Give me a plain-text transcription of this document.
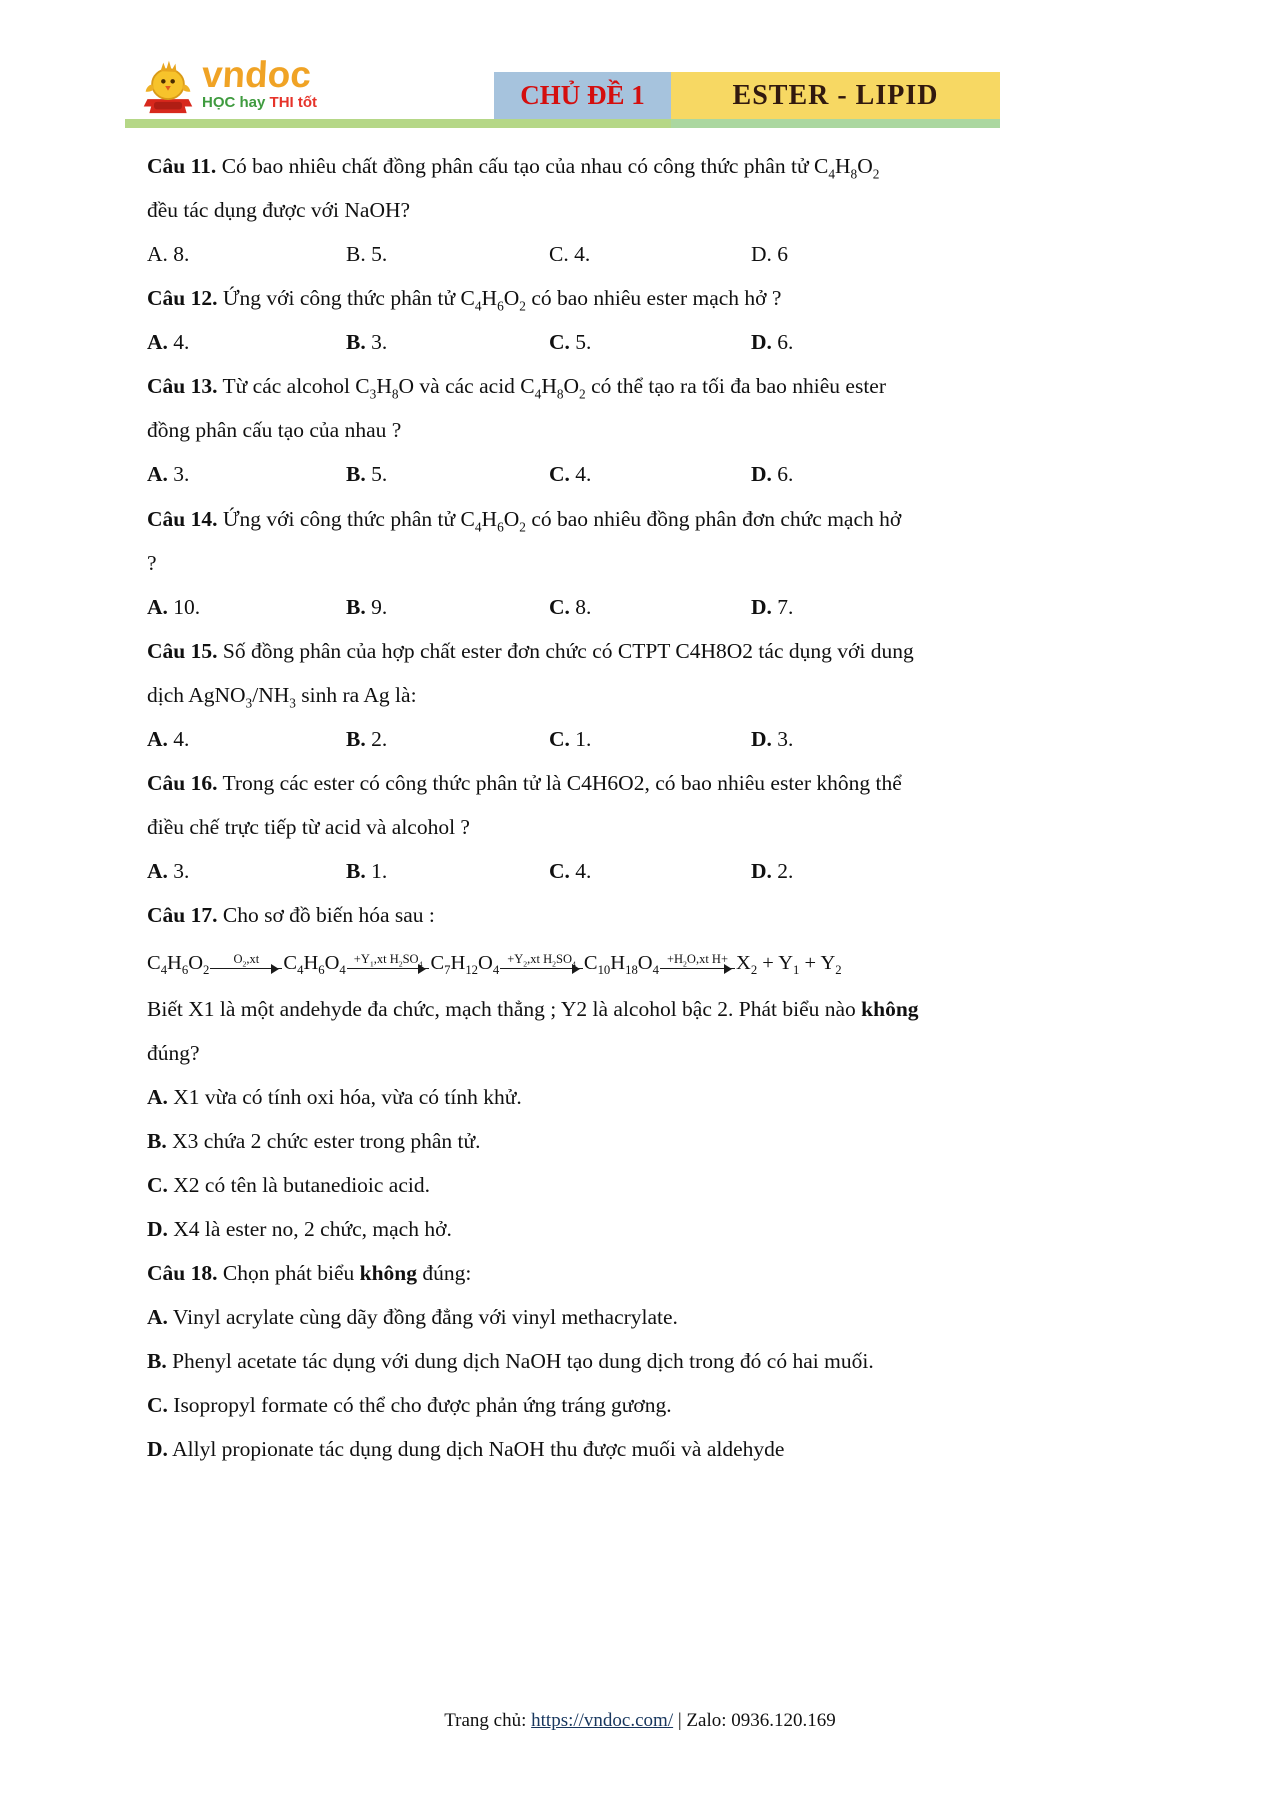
vndoc
HỌC hay THI tốt	CHỦ ĐỀ 1	ESTER - LIPID

Câu 11. Có bao nhiêu chất đồng phân cấu tạo của nhau có công thức phân tử $C_4H_8O_2$
đều tác dụng được với NaOH?

A. 8.	B. 5.	C. 4.	D. 6

Câu 12. Ứng với công thức phân tử $C_4H_6O_2$ có bao nhiêu ester mạch hở ?

A. 4.	B. 3.	C. 5.	D. 6.

Câu 13. Từ các alcohol $C_3H_8O$ và các acid $C_4H_8O_2$ có thể tạo ra tối đa bao nhiêu ester
đồng phân cấu tạo của nhau ?

A. 3.	B. 5.	C. 4.	D. 6.

Câu 14. Ứng với công thức phân tử $C_4H_6O_2$ có bao nhiêu đồng phân đơn chức mạch hở
?

A. 10.	B. 9.	C. 8.	D. 7.

Câu 15. Số đồng phân của hợp chất ester đơn chức có CTPT C4H8O2 tác dụng với dung
dịch $AgNO_3/NH_3$ sinh ra Ag là:

A. 4.	B. 2.	C. 1.	D. 3.

Câu 16. Trong các ester có công thức phân tử là C4H6O2, có bao nhiêu ester không thể
điều chế trực tiếp từ acid và alcohol ?

A. 3.	B. 1.	C. 4.	D. 2.

Câu 17. Cho sơ đồ biến hóa sau :

$C_4H_6O_2$
$O_2,xt$	$C_4H_6O_4$
$+Y_1,xt$ $H_2SO_4$ $C_7H_{12}O_4$
$+Y_2,xt$ $H_2SO_4$ $C_{10}H_{18}O_4$
$+H_2O,xt$ $H+ X_2 + Y_1 + Y_2$

Biết X1 là một andehyde đa chức, mạch thẳng ; Y2 là alcohol bậc 2. Phát biểu nào không
đúng?

A. X1 vừa có tính oxi hóa, vừa có tính khử.

B. X3 chứa 2 chức ester trong phân tử.

C. X2 có tên là butanedioic acid.

D. X4 là ester no, 2 chức, mạch hở.

Câu 18. Chọn phát biểu không đúng:

A. Vinyl acrylate cùng dãy đồng đẳng với vinyl methacrylate.

B. Phenyl acetate tác dụng với dung dịch NaOH tạo dung dịch trong đó có hai muối.

C. Isopropyl formate có thể cho được phản ứng tráng gương.

D. Allyl propionate tác dụng dung dịch NaOH thu được muối và aldehyde

Trang chủ: https://vndoc.com/ | Zalo: 0936.120.169
